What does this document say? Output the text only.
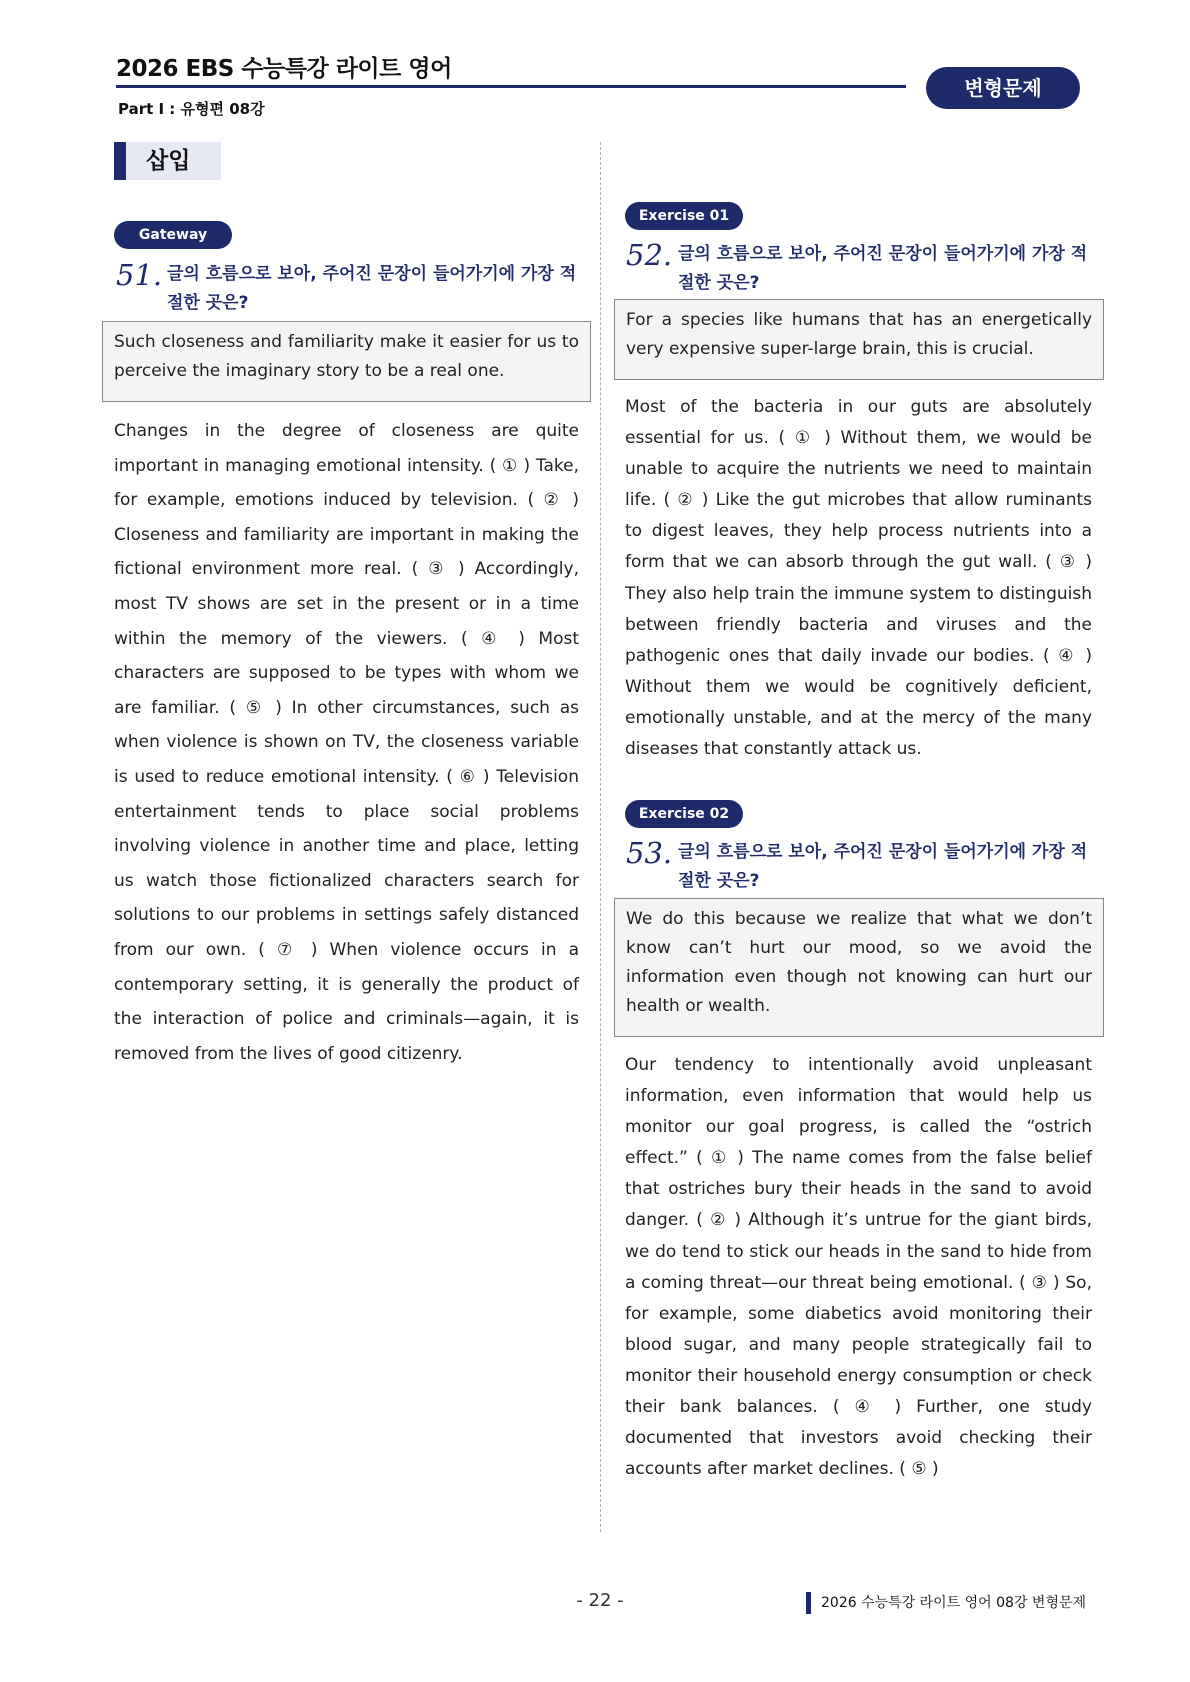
2026 EBS 수능특강 라이트 영어
Part Ⅰ : 유형편 08강
변형문제
삽입
Gateway
51. 글의 흐름으로 보아, 주어진 문장이 들어가기에 가장 적절한 곳은?
Such closeness and familiarity make it easier for us to perceive the imaginary story to be a real one.
Changes in the degree of closeness are quite important in managing emotional intensity. ( ① ) Take, for example, emotions induced by television. ( ② ) Closeness and familiarity are important in making the fictional environment more real. ( ③ ) Accordingly, most TV shows are set in the present or in a time within the memory of the viewers. ( ④ ) Most characters are supposed to be types with whom we are familiar. ( ⑤ ) In other circumstances, such as when violence is shown on TV, the closeness variable is used to reduce emotional intensity. ( ⑥ ) Television entertainment tends to place social problems involving violence in another time and place, letting us watch those fictionalized characters search for solutions to our problems in settings safely distanced from our own. ( ⑦ ) When violence occurs in a contemporary setting, it is generally the product of the interaction of police and criminals—again, it is removed from the lives of good citizenry.
Exercise 01
52. 글의 흐름으로 보아, 주어진 문장이 들어가기에 가장 적절한 곳은?
For a species like humans that has an energetically very expensive super-large brain, this is crucial.
Most of the bacteria in our guts are absolutely essential for us. ( ① ) Without them, we would be unable to acquire the nutrients we need to maintain life. ( ② ) Like the gut microbes that allow ruminants to digest leaves, they help process nutrients into a form that we can absorb through the gut wall. ( ③ ) They also help train the immune system to distinguish between friendly bacteria and viruses and the pathogenic ones that daily invade our bodies. ( ④ ) Without them we would be cognitively deficient, emotionally unstable, and at the mercy of the many diseases that constantly attack us.
Exercise 02
53. 글의 흐름으로 보아, 주어진 문장이 들어가기에 가장 적절한 곳은?
We do this because we realize that what we don’t know can’t hurt our mood, so we avoid the information even though not knowing can hurt our health or wealth.
Our tendency to intentionally avoid unpleasant information, even information that would help us monitor our goal progress, is called the “ostrich effect.” ( ① ) The name comes from the false belief that ostriches bury their heads in the sand to avoid danger. ( ② ) Although it’s untrue for the giant birds, we do tend to stick our heads in the sand to hide from a coming threat—our threat being emotional. ( ③ ) So, for example, some diabetics avoid monitoring their blood sugar, and many people strategically fail to monitor their household energy consumption or check their bank balances. ( ④ ) Further, one study documented that investors avoid checking their accounts after market declines. ( ⑤ )
- 22 -	2026 수능특강 라이트 영어 08강 변형문제
